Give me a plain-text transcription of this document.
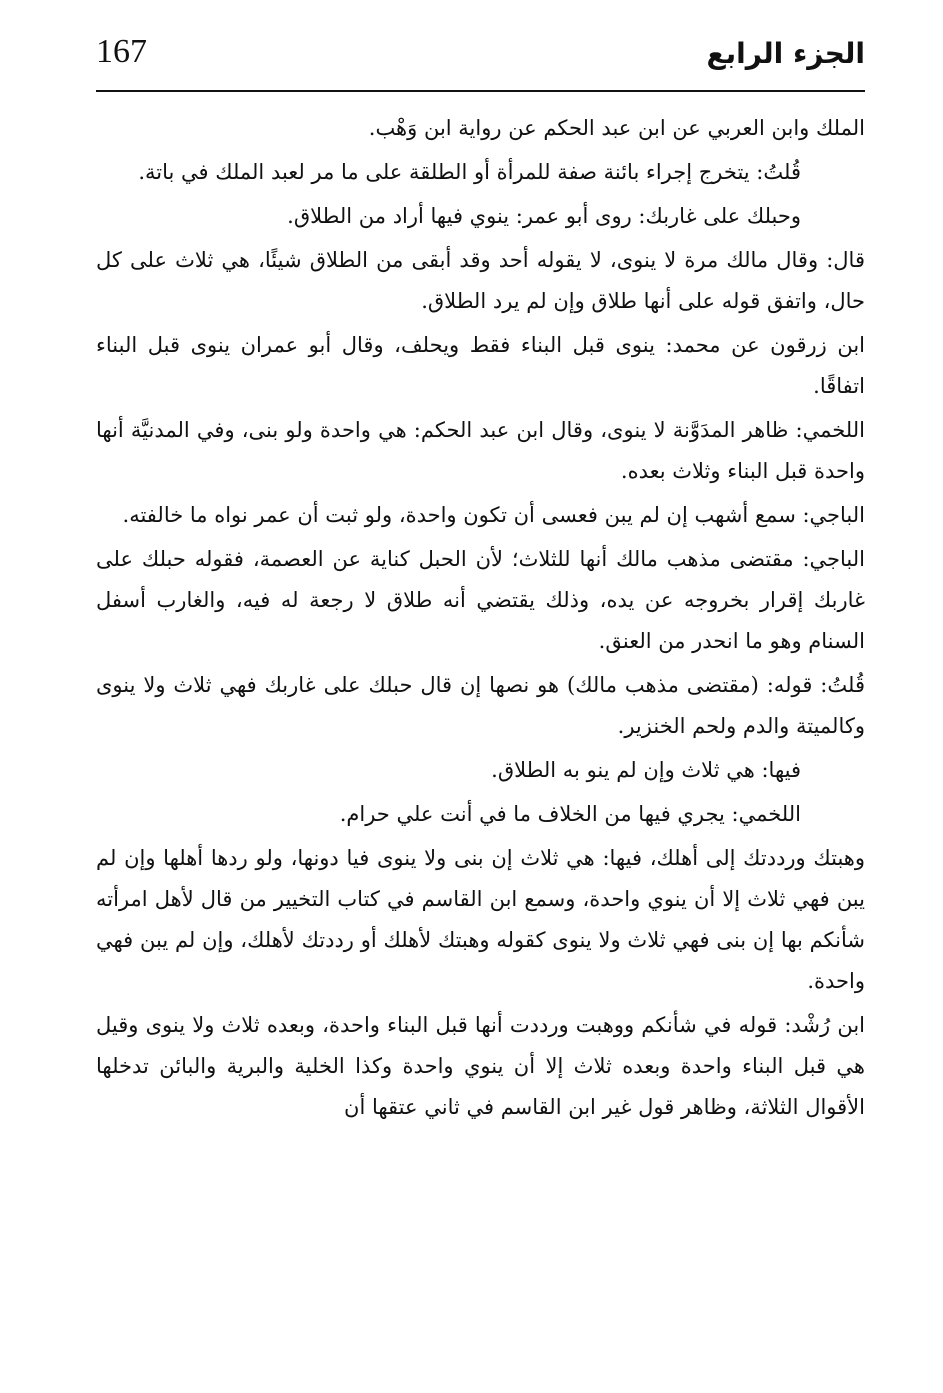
167	الجزء الرابع

الملك وابن العربي عن ابن عبد الحكم عن رواية ابن وَهْب.

قُلتُ: يتخرج إجراء بائنة صفة للمرأة أو الطلقة على ما مر لعبد الملك في باتة.

وحبلك على غاربك: روى أبو عمر: ينوي فيها أراد من الطلاق.

قال: وقال مالك مرة لا ينوى، لا يقوله أحد وقد أبقى من الطلاق شيئًا، هي ثلاث على كل حال، واتفق قوله على أنها طلاق وإن لم يرد الطلاق.

ابن زرقون عن محمد: ينوى قبل البناء فقط ويحلف، وقال أبو عمران ينوى قبل البناء اتفاقًا.

اللخمي: ظاهر المدَوَّنة لا ينوى، وقال ابن عبد الحكم: هي واحدة ولو بنى، وفي المدنيَّة أنها واحدة قبل البناء وثلاث بعده.

الباجي: سمع أشهب إن لم يبن فعسى أن تكون واحدة، ولو ثبت أن عمر نواه ما خالفته.

الباجي: مقتضى مذهب مالك أنها للثلاث؛ لأن الحبل كناية عن العصمة، فقوله حبلك على غاربك إقرار بخروجه عن يده، وذلك يقتضي أنه طلاق لا رجعة له فيه، والغارب أسفل السنام وهو ما انحدر من العنق.

قُلتُ: قوله: (مقتضى مذهب مالك) هو نصها إن قال حبلك على غاربك فهي ثلاث ولا ينوى وكالميتة والدم ولحم الخنزير.

فيها: هي ثلاث وإن لم ينو به الطلاق.

اللخمي: يجري فيها من الخلاف ما في أنت علي حرام.

وهبتك ورددتك إلى أهلك، فيها: هي ثلاث إن بنى ولا ينوى فيا دونها، ولو ردها أهلها وإن لم يبن فهي ثلاث إلا أن ينوي واحدة، وسمع ابن القاسم في كتاب التخيير من قال لأهل امرأته شأنكم بها إن بنى فهي ثلاث ولا ينوى كقوله وهبتك لأهلك أو رددتك لأهلك، وإن لم يبن فهي واحدة.

ابن رُشْد: قوله في شأنكم ووهبت ورددت أنها قبل البناء واحدة، وبعده ثلاث ولا ينوى وقيل هي قبل البناء واحدة وبعده ثلاث إلا أن ينوي واحدة وكذا الخلية والبرية والبائن تدخلها الأقوال الثلاثة، وظاهر قول غير ابن القاسم في ثاني عتقها أن
